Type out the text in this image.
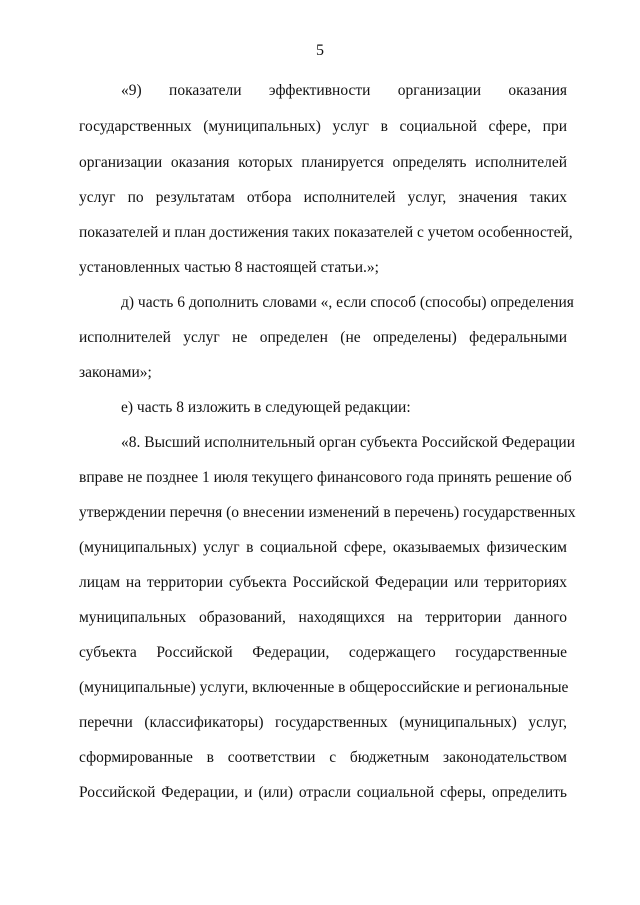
5
«9) показатели эффективности организации оказания
государственных (муниципальных) услуг в социальной сфере, при
организации оказания которых планируется определять исполнителей
услуг по результатам отбора исполнителей услуг, значения таких
показателей и план достижения таких показателей с учетом особенностей,
установленных частью 8 настоящей статьи.»;
д) часть 6 дополнить словами «, если способ (способы) определения
исполнителей услуг не определен (не определены) федеральными
законами»;
е) часть 8 изложить в следующей редакции:
«8. Высший исполнительный орган субъекта Российской Федерации
вправе не позднее 1 июля текущего финансового года принять решение об
утверждении перечня (о внесении изменений в перечень) государственных
(муниципальных) услуг в социальной сфере, оказываемых физическим
лицам на территории субъекта Российской Федерации или территориях
муниципальных образований, находящихся на территории данного
субъекта Российской Федерации, содержащего государственные
(муниципальные) услуги, включенные в общероссийские и региональные
перечни (классификаторы) государственных (муниципальных) услуг,
сформированные в соответствии с бюджетным законодательством
Российской Федерации, и (или) отрасли социальной сферы, определить
